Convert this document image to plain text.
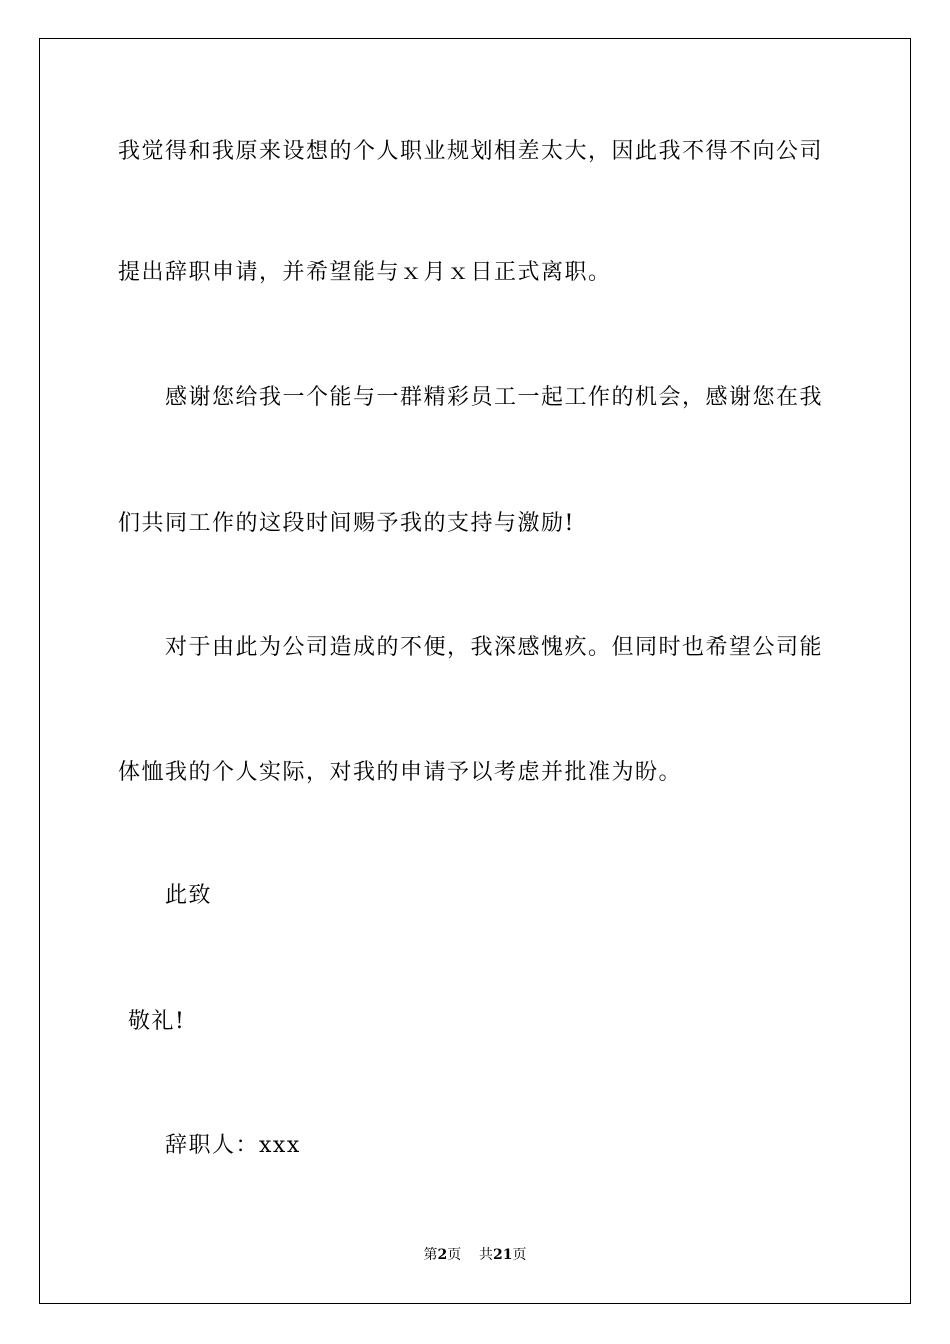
我觉得和我原来设想的个人职业规划相差太大，因此我不得不向公司
提出辞职申请，并希望能与ｘ月ｘ日正式离职。
感谢您给我一个能与一群精彩员工一起工作的机会，感谢您在我
们共同工作的这段时间赐予我的支持与激励!
对于由此为公司造成的不便，我深感愧疚。但同时也希望公司能
体恤我的个人实际，对我的申请予以考虑并批准为盼。
此致
敬礼!
辞职人：xxx
第2页 共21页
